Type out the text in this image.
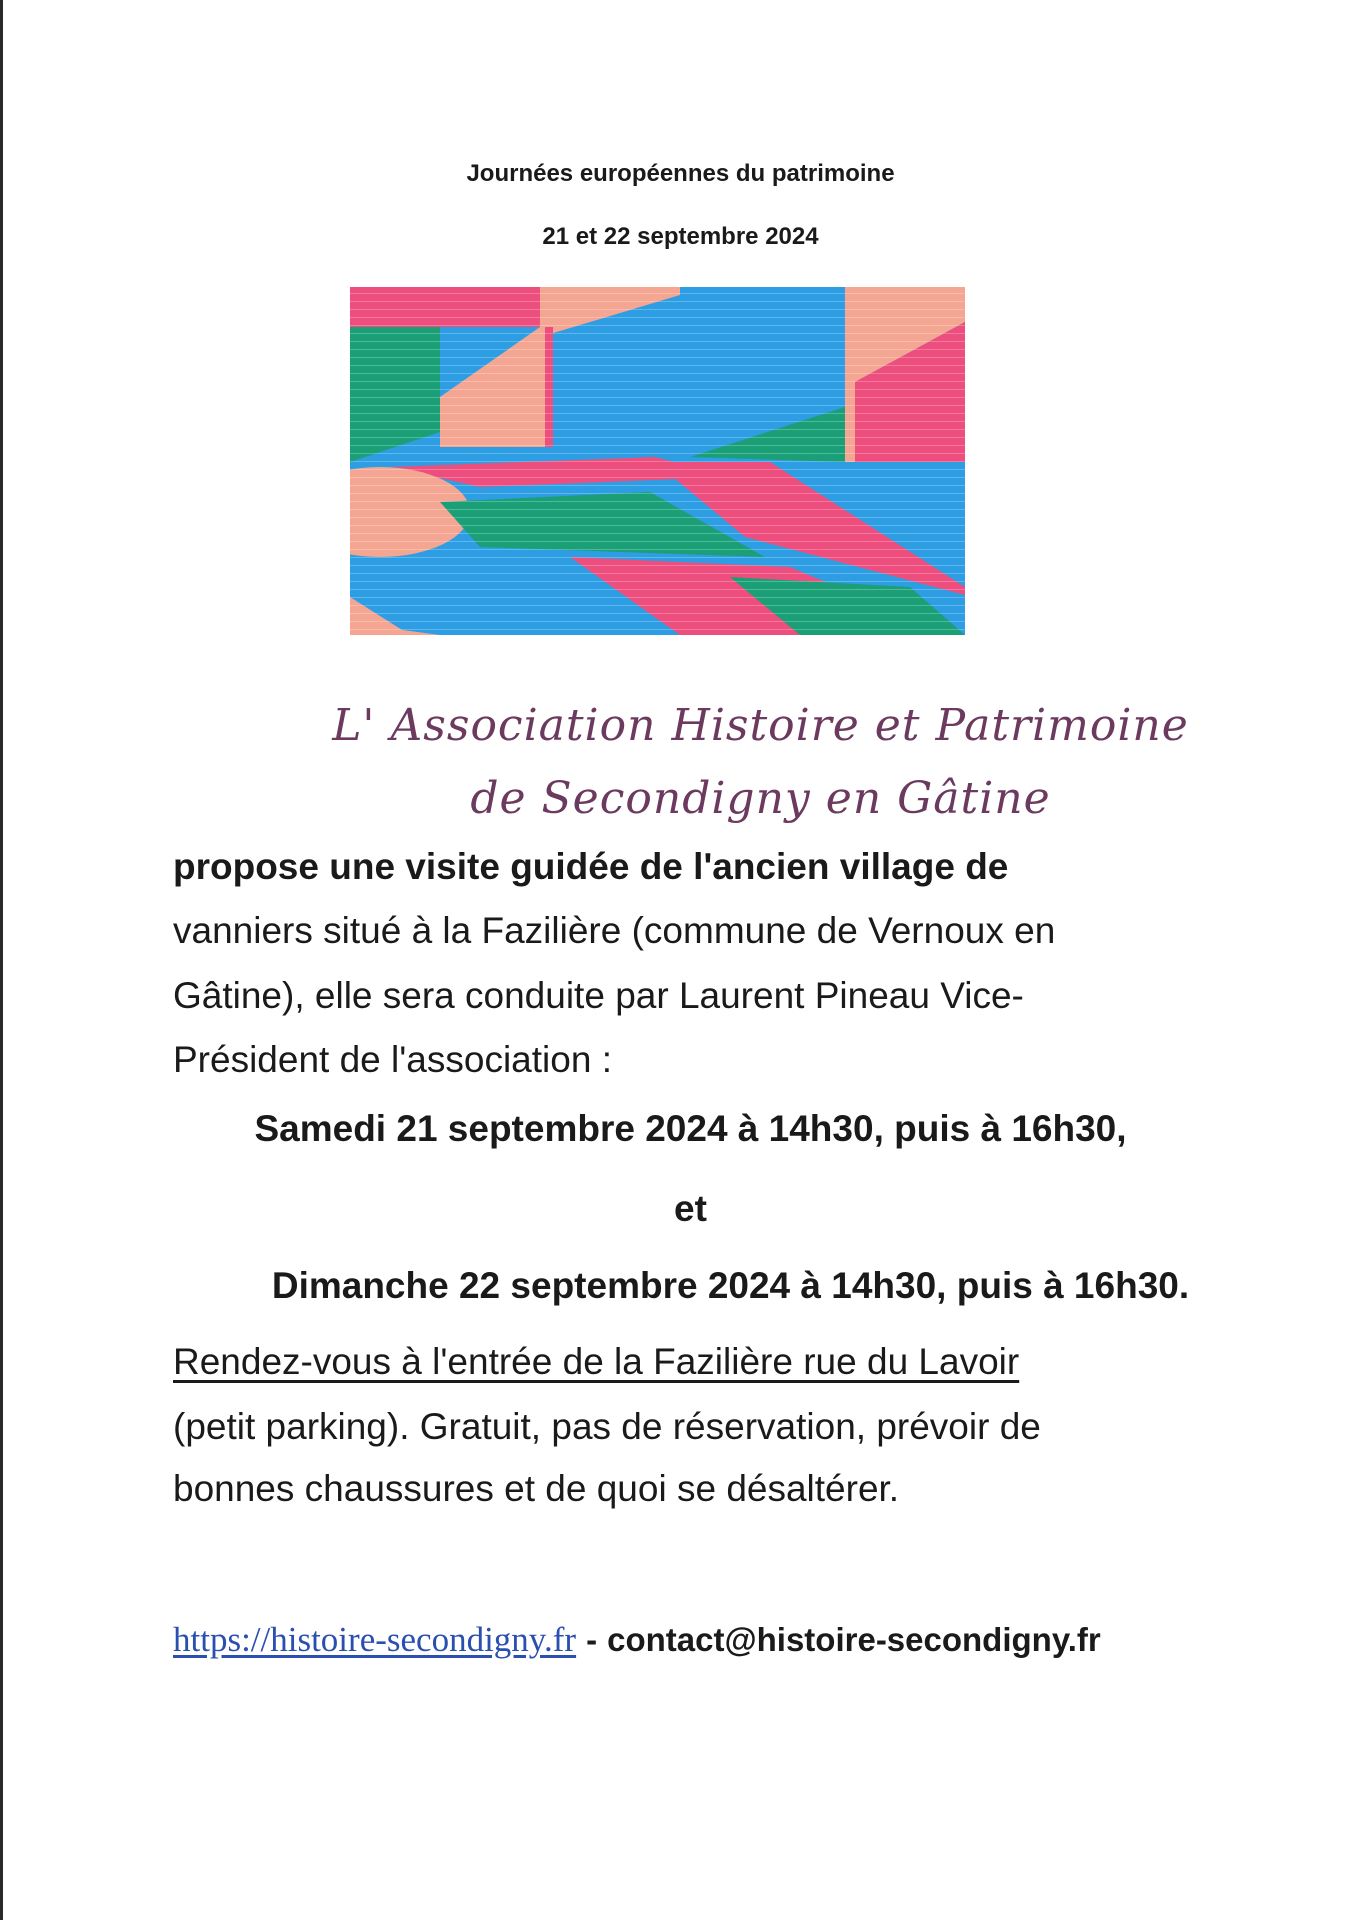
Journées européennes du patrimoine
21 et 22 septembre 2024
L' Association Histoire et Patrimoine
de Secondigny en Gâtine
propose une visite guidée de l'ancien village de
vanniers situé à la Fazilière (commune de Vernoux en
Gâtine), elle sera conduite par Laurent Pineau Vice-
Président de l'association :
Samedi 21 septembre 2024 à 14h30, puis à 16h30,
et
Dimanche 22 septembre 2024 à 14h30, puis à 16h30.
Rendez-vous à l'entrée de la Fazilière rue du Lavoir
(petit parking). Gratuit, pas de réservation, prévoir de
bonnes chaussures et de quoi se désaltérer.
https://histoire-secondigny.fr - contact@histoire-secondigny.fr
